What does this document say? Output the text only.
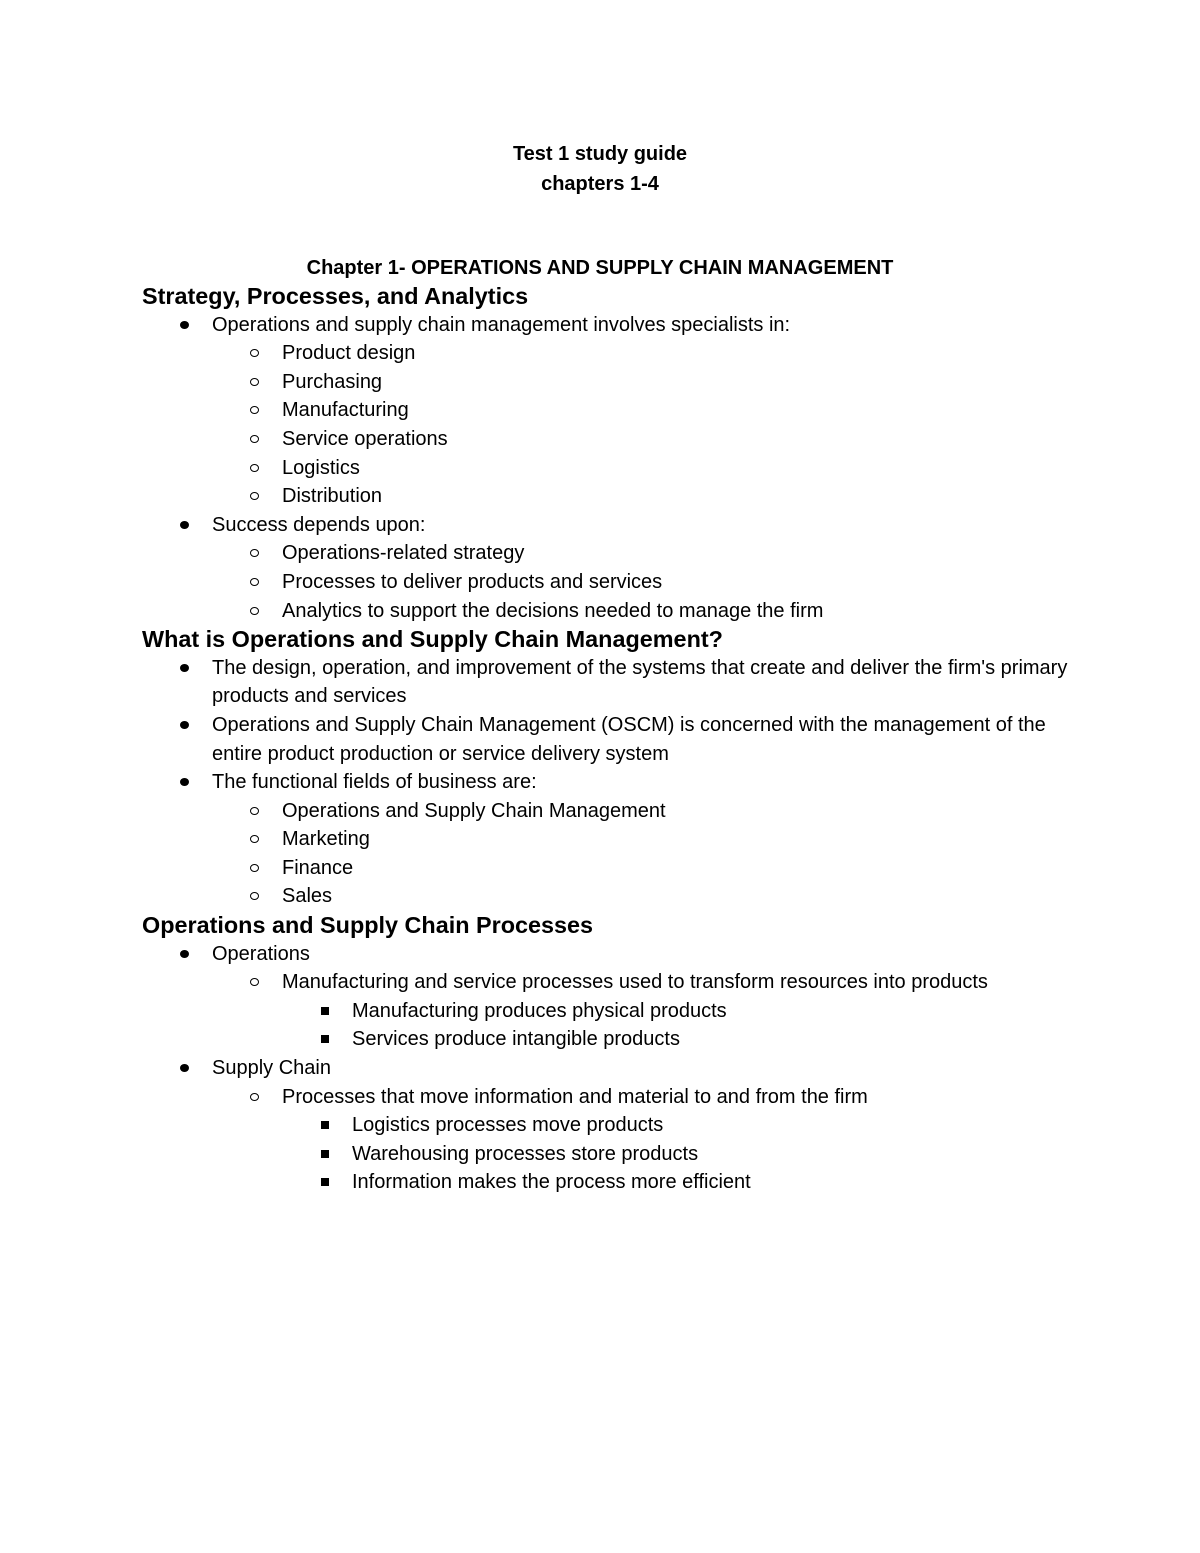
Test 1 study guide
chapters 1-4
Chapter 1- OPERATIONS AND SUPPLY CHAIN MANAGEMENT
Strategy, Processes, and Analytics
Operations and supply chain management involves specialists in:
Product design
Purchasing
Manufacturing
Service operations
Logistics
Distribution
Success depends upon:
Operations-related strategy
Processes to deliver products and services
Analytics to support the decisions needed to manage the firm
What is Operations and Supply Chain Management?
The design, operation, and improvement of the systems that create and deliver the firm's primary products and services
Operations and Supply Chain Management (OSCM) is concerned with the management of the entire product production or service delivery system
The functional fields of business are:
Operations and Supply Chain Management
Marketing
Finance
Sales
Operations and Supply Chain Processes
Operations
Manufacturing and service processes used to transform resources into products
Manufacturing produces physical products
Services produce intangible products
Supply Chain
Processes that move information and material to and from the firm
Logistics processes move products
Warehousing processes store products
Information makes the process more efficient
